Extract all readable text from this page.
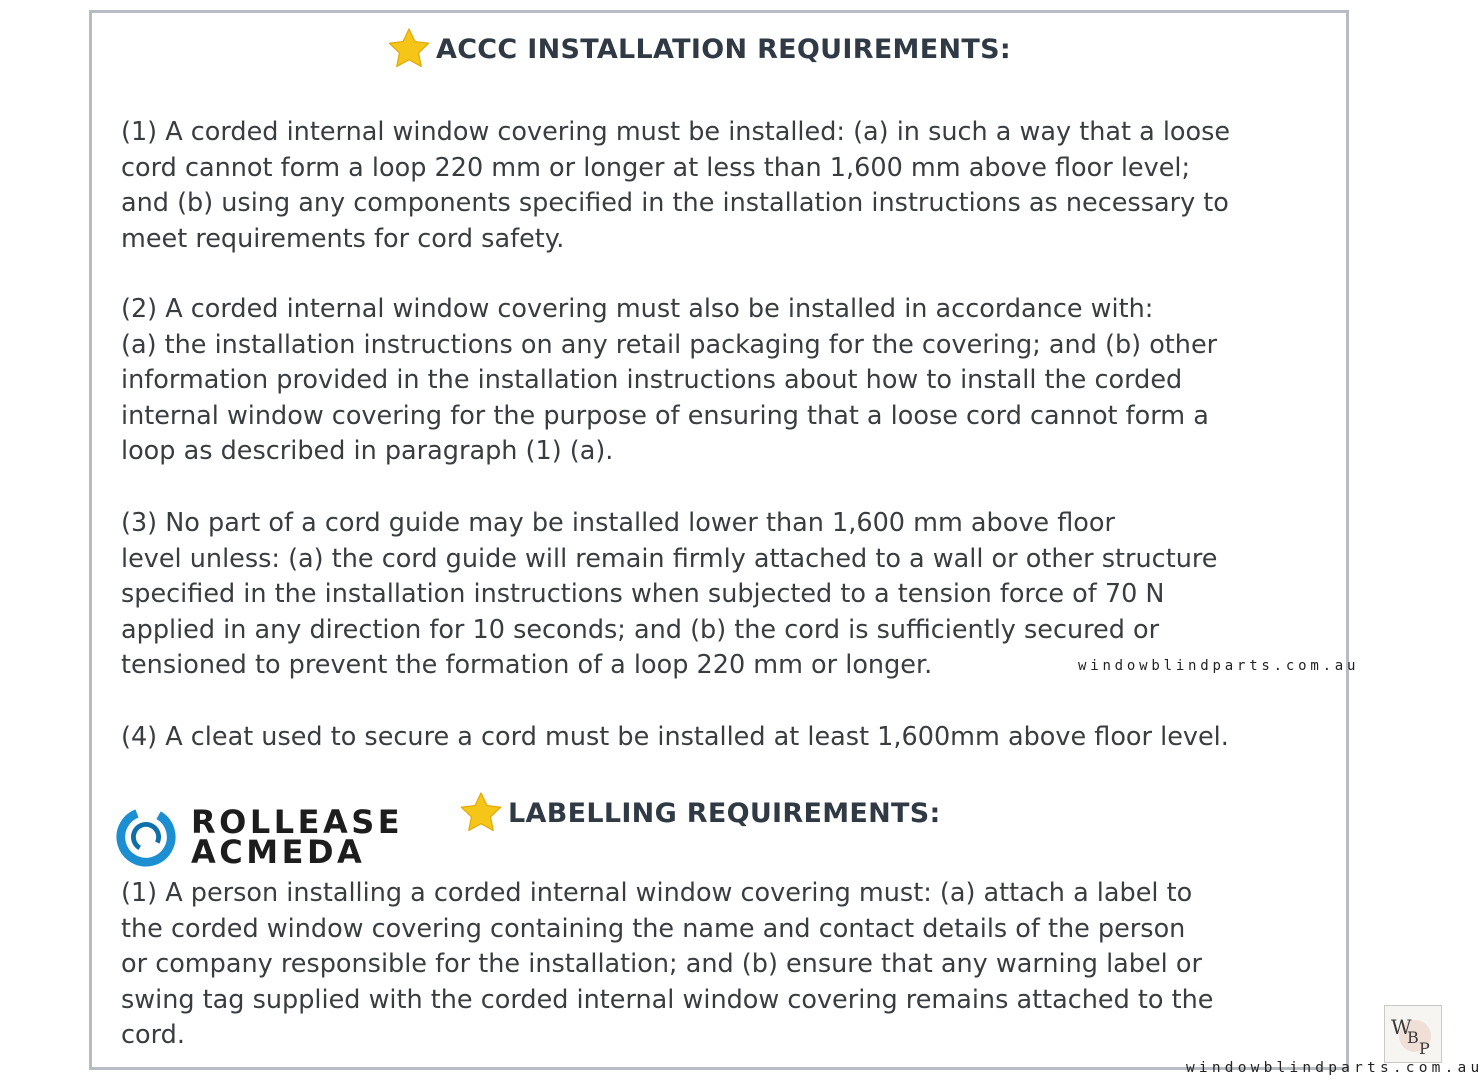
ACCC INSTALLATION REQUIREMENTS:

(1) A corded internal window covering must be installed: (a) in such a way that a loose
cord cannot form a loop 220 mm or longer at less than 1,600 mm above floor level;
and (b) using any components specified in the installation instructions as necessary to
meet requirements for cord safety.

(2) A corded internal window covering must also be installed in accordance with:
(a) the installation instructions on any retail packaging for the covering; and (b) other
information provided in the installation instructions about how to install the corded
internal window covering for the purpose of ensuring that a loose cord cannot form a
loop as described in paragraph (1) (a).

(3) No part of a cord guide may be installed lower than 1,600 mm above floor
level unless: (a) the cord guide will remain firmly attached to a wall or other structure
specified in the installation instructions when subjected to a tension force of 70 N
applied in any direction for 10 seconds; and (b) the cord is sufficiently secured or
tensioned to prevent the formation of a loop 220 mm or longer.

(4) A cleat used to secure a cord must be installed at least 1,600mm above floor level.

windowblindparts.com.au
ROLLEASE
ACMEDA
LABELLING REQUIREMENTS:

(1) A person installing a corded internal window covering must: (a) attach a label to
the corded window covering containing the name and contact details of the person
or company responsible for the installation; and (b) ensure that any warning label or
swing tag supplied with the corded internal window covering remains attached to the
cord.	W
B
P
windowblindparts.com.au
